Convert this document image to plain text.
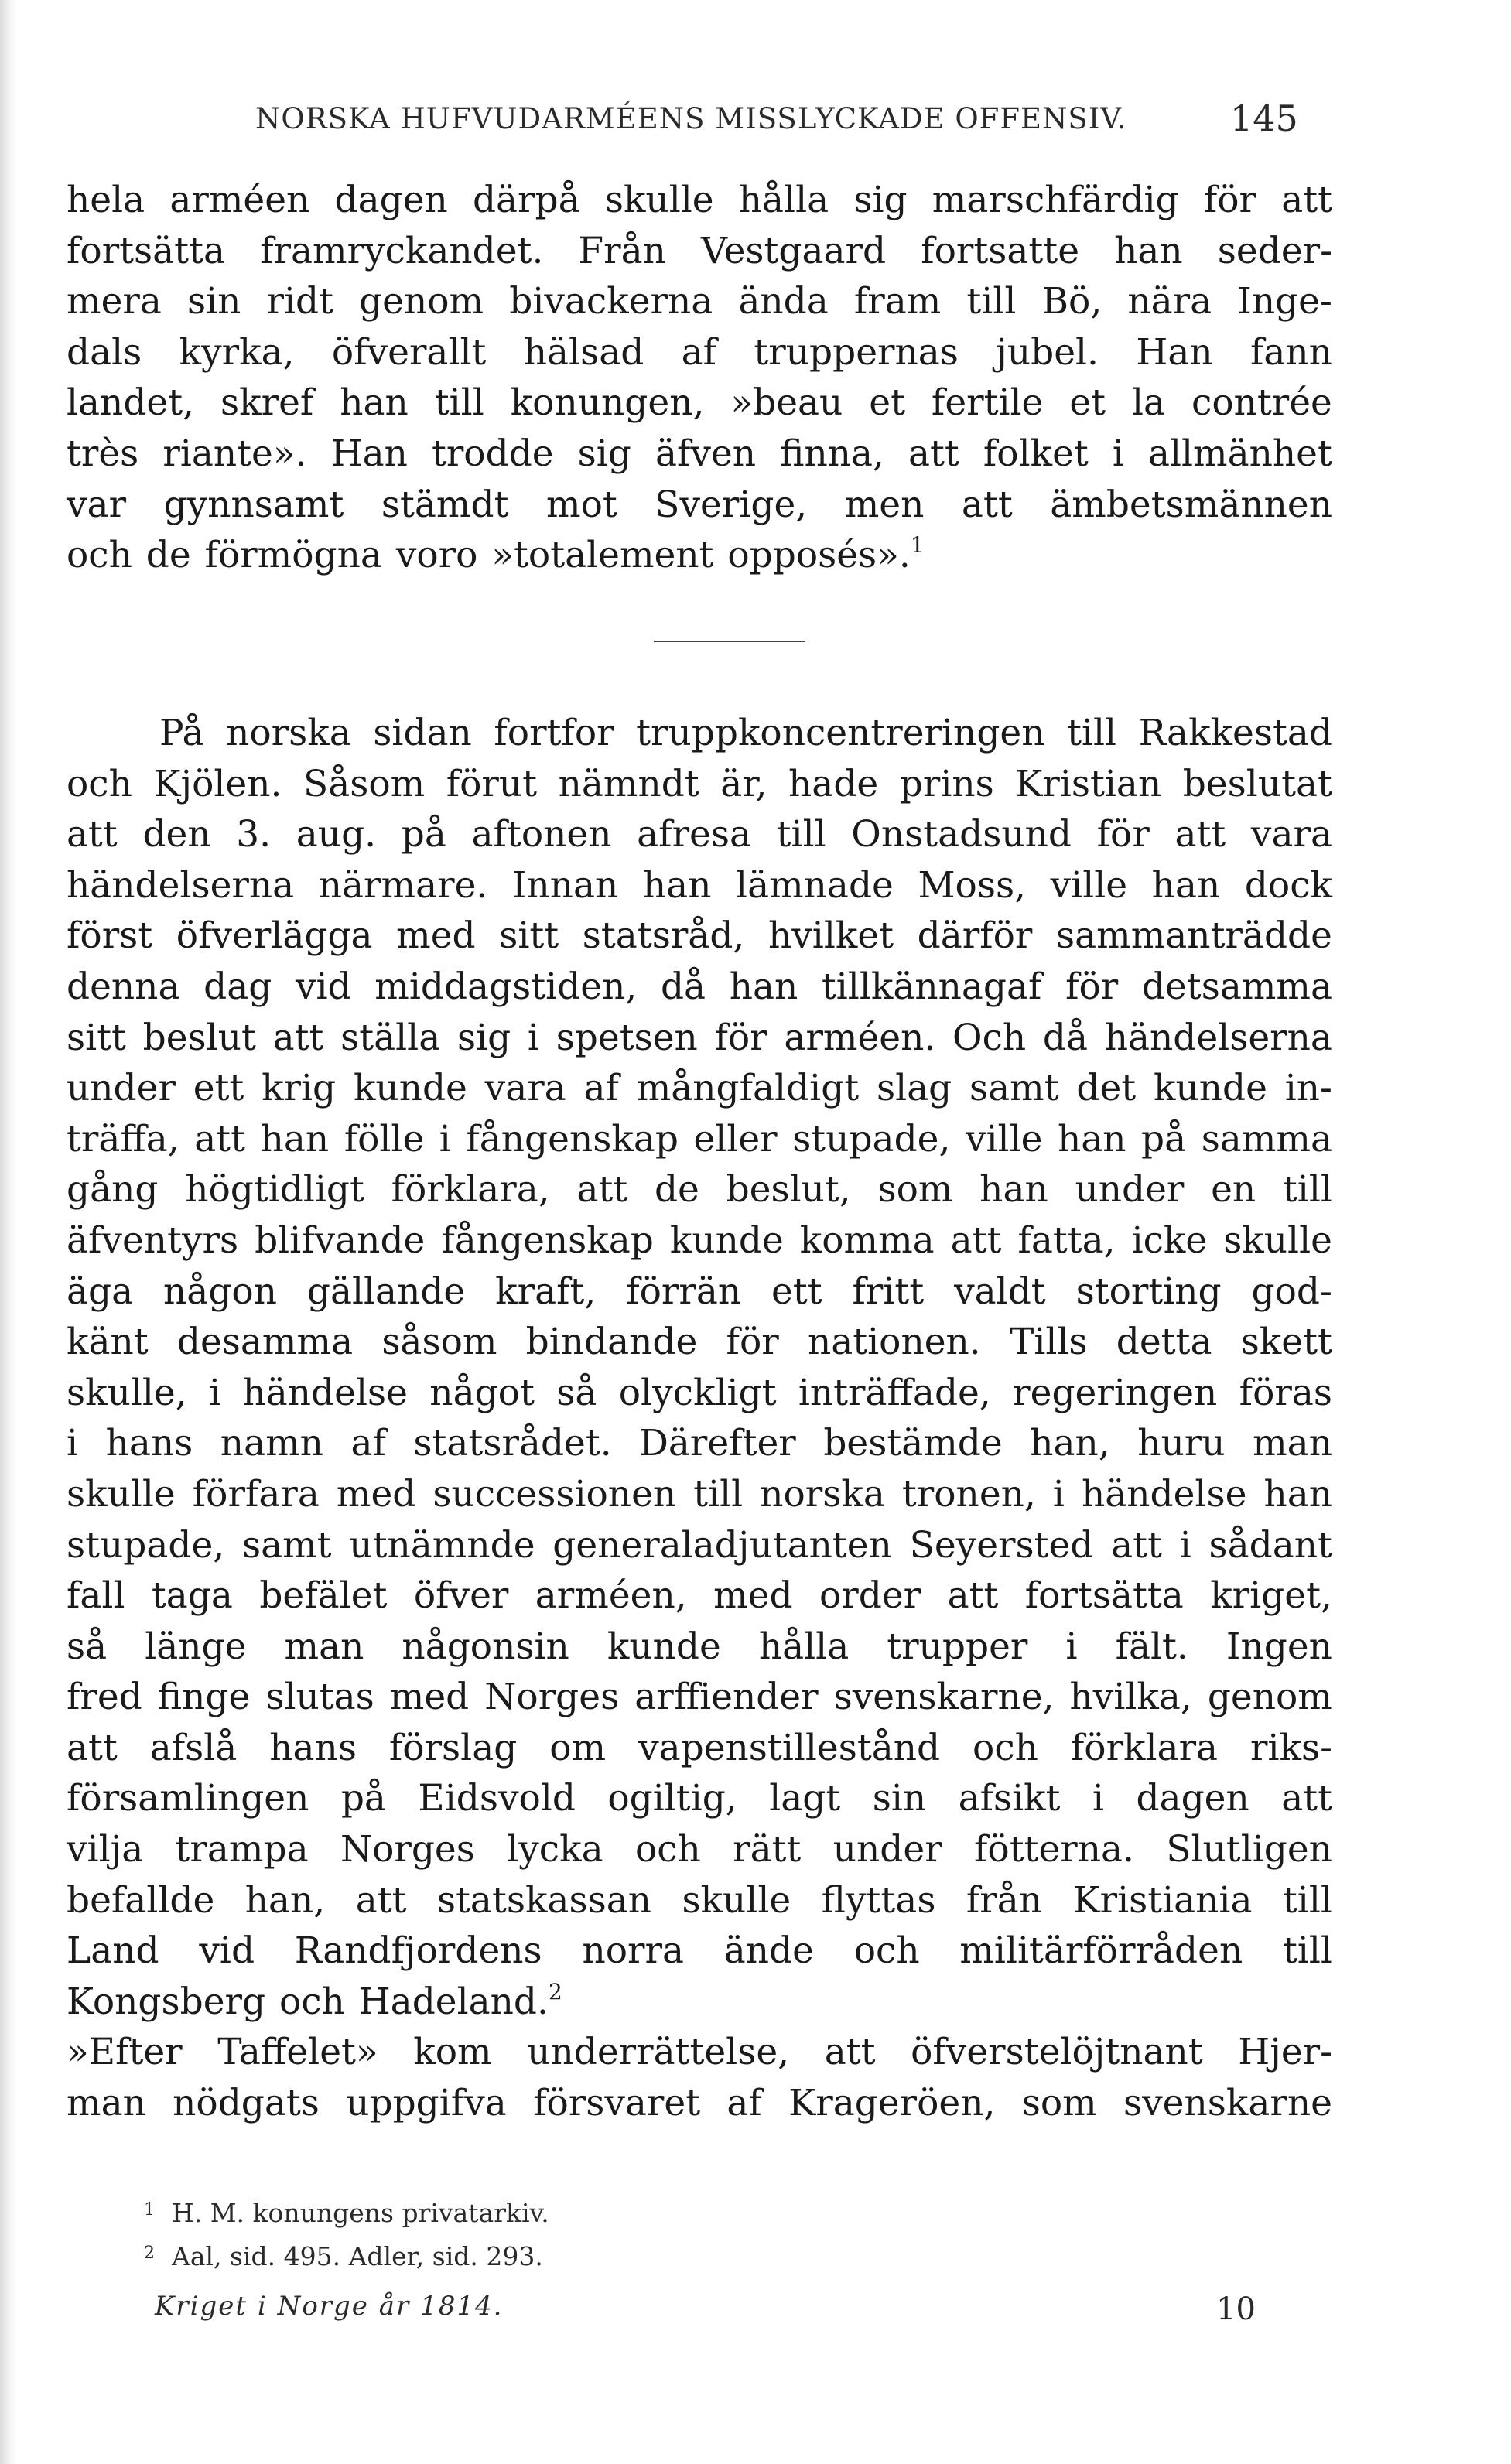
NORSKA HUFVUDARMÉENS MISSLYCKADE OFFENSIV.	145
hela arméen dagen därpå skulle hålla sig marschfärdig för att
fortsätta framryckandet. Från Vestgaard fortsatte han seder-
mera sin ridt genom bivackerna ända fram till Bö, nära Inge-
dals kyrka, öfverallt hälsad af truppernas jubel. Han fann
landet, skref han till konungen, »beau et fertile et la contrée
très riante». Han trodde sig äfven finna, att folket i allmänhet
var gynnsamt stämdt mot Sverige, men att ämbetsmännen
och de förmögna voro »totalement opposés».$^1$
På norska sidan fortfor truppkoncentreringen till Rakkestad
och Kjölen. Såsom förut nämndt är, hade prins Kristian beslutat
att den 3. aug. på aftonen afresa till Onstadsund för att vara
händelserna närmare. Innan han lämnade Moss, ville han dock
först öfverlägga med sitt statsråd, hvilket därför sammanträdde
denna dag vid middagstiden, då han tillkännagaf för detsamma
sitt beslut att ställa sig i spetsen för arméen. Och då händelserna
under ett krig kunde vara af mångfaldigt slag samt det kunde in-
träffa, att han fölle i fångenskap eller stupade, ville han på samma
gång högtidligt förklara, att de beslut, som han under en till
äfventyrs blifvande fångenskap kunde komma att fatta, icke skulle
äga någon gällande kraft, förrän ett fritt valdt storting god-
känt desamma såsom bindande för nationen. Tills detta skett
skulle, i händelse något så olyckligt inträffade, regeringen föras
i hans namn af statsrådet. Därefter bestämde han, huru man
skulle förfara med successionen till norska tronen, i händelse han
stupade, samt utnämnde generaladjutanten Seyersted att i sådant
fall taga befälet öfver arméen, med order att fortsätta kriget,
så länge man någonsin kunde hålla trupper i fält. Ingen
fred finge slutas med Norges arffiender svenskarne, hvilka, genom
att afslå hans förslag om vapenstillestånd och förklara riks-
församlingen på Eidsvold ogiltig, lagt sin afsikt i dagen att
vilja trampa Norges lycka och rätt under fötterna. Slutligen
befallde han, att statskassan skulle flyttas från Kristiania till
Land vid Randfjordens norra ände och militärförråden till
Kongsberg och Hadeland.$^2$
»Efter Taffelet» kom underrättelse, att öfverstelöjtnant Hjer-
man nödgats uppgifva försvaret af Krageröen, som svenskarne
$^1$ H. M. konungens privatarkiv.
$^2$ Aal, sid. 495. Adler, sid. 293.
Kriget i Norge år 1814.	10
